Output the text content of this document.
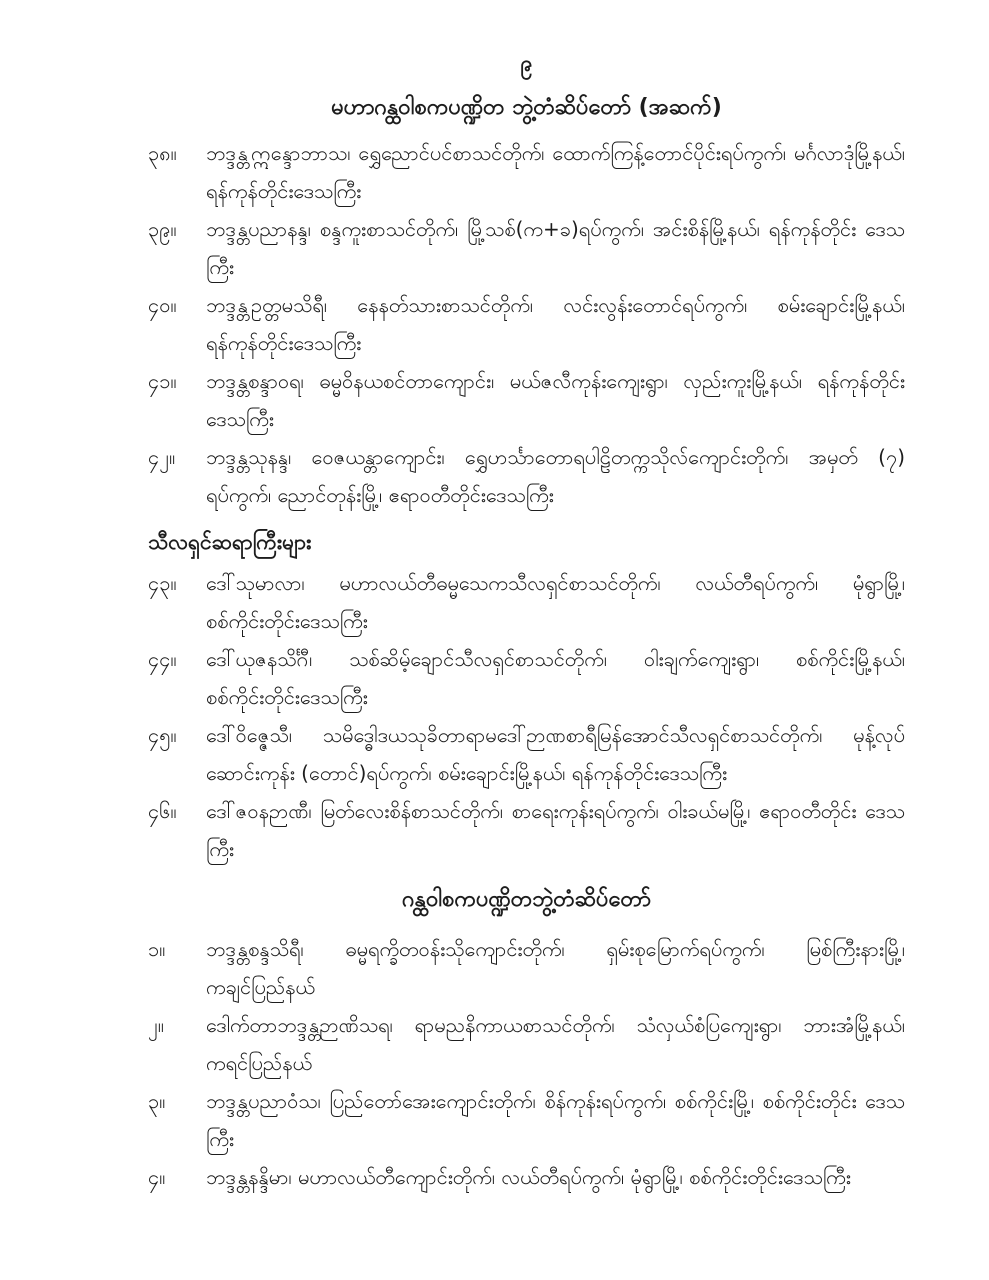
၉
မဟာဂန္ထဝါစကပဏ္ဍိတ ဘွဲ့တံဆိပ်တော် (အဆက်)
၃၈။	ဘဒ္ဒန္တဣန္ဒောဘာသ၊ ရွှေညောင်ပင်စာသင်တိုက်၊ ထောက်ကြန့်တောင်ပိုင်းရပ်ကွက်၊ မင်္ဂလာဒုံမြို့နယ်၊ ရန်ကုန်တိုင်းဒေသကြီး
၃၉။	ဘဒ္ဒန္တပညာနန္ဒ၊ စန္ဒကူးစာသင်တိုက်၊ မြို့သစ်(က+ခ)ရပ်ကွက်၊ အင်းစိန်မြို့နယ်၊ ရန်ကုန်တိုင်း ဒေသကြီး
၄၀။	ဘဒ္ဒန္တဥတ္တမသိရီ၊ နေနတ်သားစာသင်တိုက်၊ လင်းလွန်းတောင်ရပ်ကွက်၊ စမ်းချောင်းမြို့နယ်၊ ရန်ကုန်တိုင်းဒေသကြီး
၄၁။	ဘဒ္ဒန္တစန္ဒာဝရ၊ ဓမ္မဝိနယစင်တာကျောင်း၊ မယ်ဇလီကုန်းကျေးရွာ၊ လှည်းကူးမြို့နယ်၊ ရန်ကုန်တိုင်း ဒေသကြီး
၄၂။	ဘဒ္ဒန္တသုနန္ဒ၊ ဝေဇယန္တာကျောင်း၊ ရွှေဟင်္သာတောရပါဠိတက္ကသိုလ်ကျောင်းတိုက်၊ အမှတ် (၇) ရပ်ကွက်၊ ညောင်တုန်းမြို့၊ ဧရာဝတီတိုင်းဒေသကြီး
သီလရှင်ဆရာကြီးများ
၄၃။	ဒေါ်သုမာလာ၊ မဟာလယ်တီဓမ္မသေကသီလရှင်စာသင်တိုက်၊ လယ်တီရပ်ကွက်၊ မုံရွာမြို့၊ စစ်ကိုင်းတိုင်းဒေသကြီး
၄၄။	ဒေါ်ယုဇနသိင်္ဂီ၊ သစ်ဆိမ့်ချောင်သီလရှင်စာသင်တိုက်၊ ဝါးချက်ကျေးရွာ၊ စစ်ကိုင်းမြို့နယ်၊ စစ်ကိုင်းတိုင်းဒေသကြီး
၄၅။	ဒေါ်ဝိဇ္ဇေသီ၊ သမိဒ္ဓေါဒယသုခိတာရာမဒေါ်ဉာဏစာရီမြန်အောင်သီလရှင်စာသင်တိုက်၊ မုန့်လုပ်ဆောင်းကုန်း (တောင်)ရပ်ကွက်၊ စမ်းချောင်းမြို့နယ်၊ ရန်ကုန်တိုင်းဒေသကြီး
၄၆။	ဒေါ်ဇဝနဉာဏီ၊ မြတ်လေးစိန်စာသင်တိုက်၊ စာရေးကုန်းရပ်ကွက်၊ ဝါးခယ်မမြို့၊ ဧရာဝတီတိုင်း ဒေသကြီး
ဂန္ထဝါစကပဏ္ဍိတဘွဲ့တံဆိပ်တော်
၁။	ဘဒ္ဒန္တစန္ဒသိရီ၊ ဓမ္မရက္ခိတဝန်းသိုကျောင်းတိုက်၊ ရှမ်းစုမြောက်ရပ်ကွက်၊ မြစ်ကြီးနားမြို့၊ ကချင်ပြည်နယ်
၂။	ဒေါက်တာဘဒ္ဒန္တဉာဏိသရ၊ ရာမညနိကာယစာသင်တိုက်၊ သံလှယ်စံပြကျေးရွာ၊ ဘားအံမြို့နယ်၊ ကရင်ပြည်နယ်
၃။	ဘဒ္ဒန္တပညာဝံသ၊ ပြည်တော်အေးကျောင်းတိုက်၊ စိန်ကုန်းရပ်ကွက်၊ စစ်ကိုင်းမြို့၊ စစ်ကိုင်းတိုင်း ဒေသကြီး
၄။	ဘဒ္ဒန္တနန္ဒိမာ၊ မဟာလယ်တီကျောင်းတိုက်၊ လယ်တီရပ်ကွက်၊ မုံရွာမြို့၊ စစ်ကိုင်းတိုင်းဒေသကြီး
